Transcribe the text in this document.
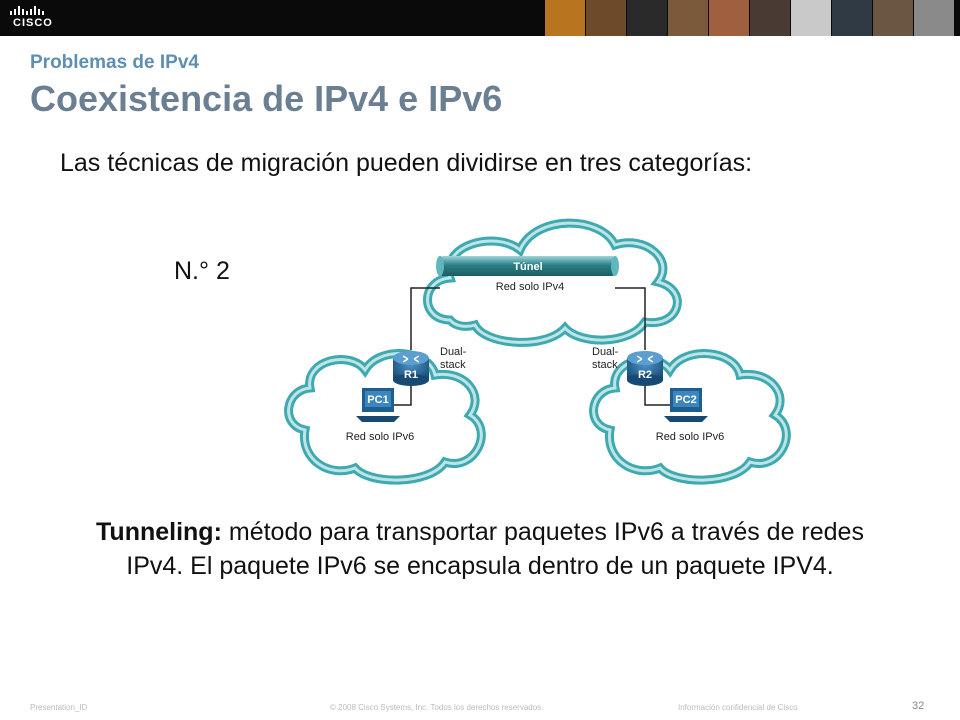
CISCO
Problemas de IPv4
Coexistencia de IPv4 e IPv6
Las técnicas de migración pueden dividirse en tres categorías:
N.° 2	Túnel
Red solo IPv4
R1	R2
Dual-
stack
Dual-
stack
PC1
Red solo IPv6
PC2
Red solo IPv6
Tunneling: método para transportar paquetes IPv6 a través de redes IPv4. El paquete IPv6 se encapsula dentro de un paquete IPV4.
Presentation_ID	© 2008 Cisco Systems, Inc. Todos los derechos reservados.	Información confidencial de Cisco	32
